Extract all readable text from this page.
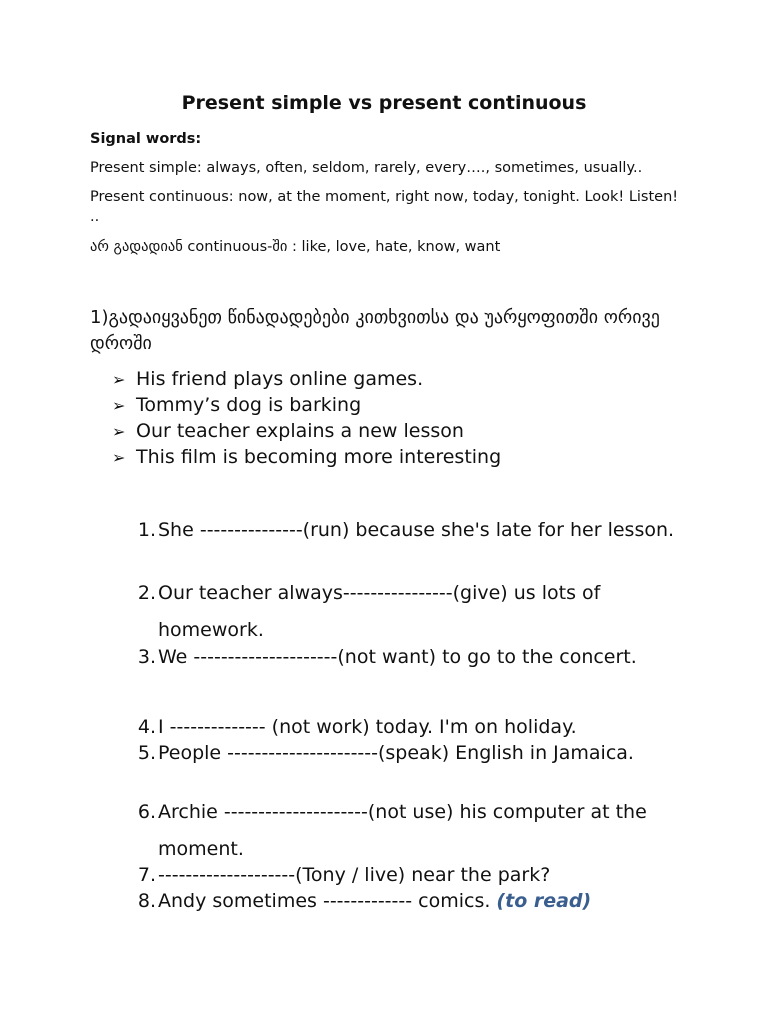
Present simple vs present continuous

Signal words:

Present simple: always, often, seldom, rarely, every…., sometimes, usually..

Present continuous: now, at the moment, right now, today, tonight. Look! Listen! ..

არ გადადიან continuous-ში : like, love, hate, know, want

1)გადაიყვანეთ წინადადებები კითხვითსა და უარყოფითში ორივე დროში

➢ His friend plays online games.
➢ Tommy’s dog is barking
➢ Our teacher explains a new lesson
➢ This film is becoming more interesting
1. She ---------------(run) because she's late for her lesson.
2. Our teacher always----------------(give) us lots of homework.
3. We ---------------------(not want) to go to the concert.
4. I -------------- (not work) today. I'm on holiday.
5. People ----------------------(speak) English in Jamaica.
6. Archie ---------------------(not use) his computer at the moment.
7. --------------------(Tony / live) near the park?
8. Andy sometimes ------------- comics. (to read)
